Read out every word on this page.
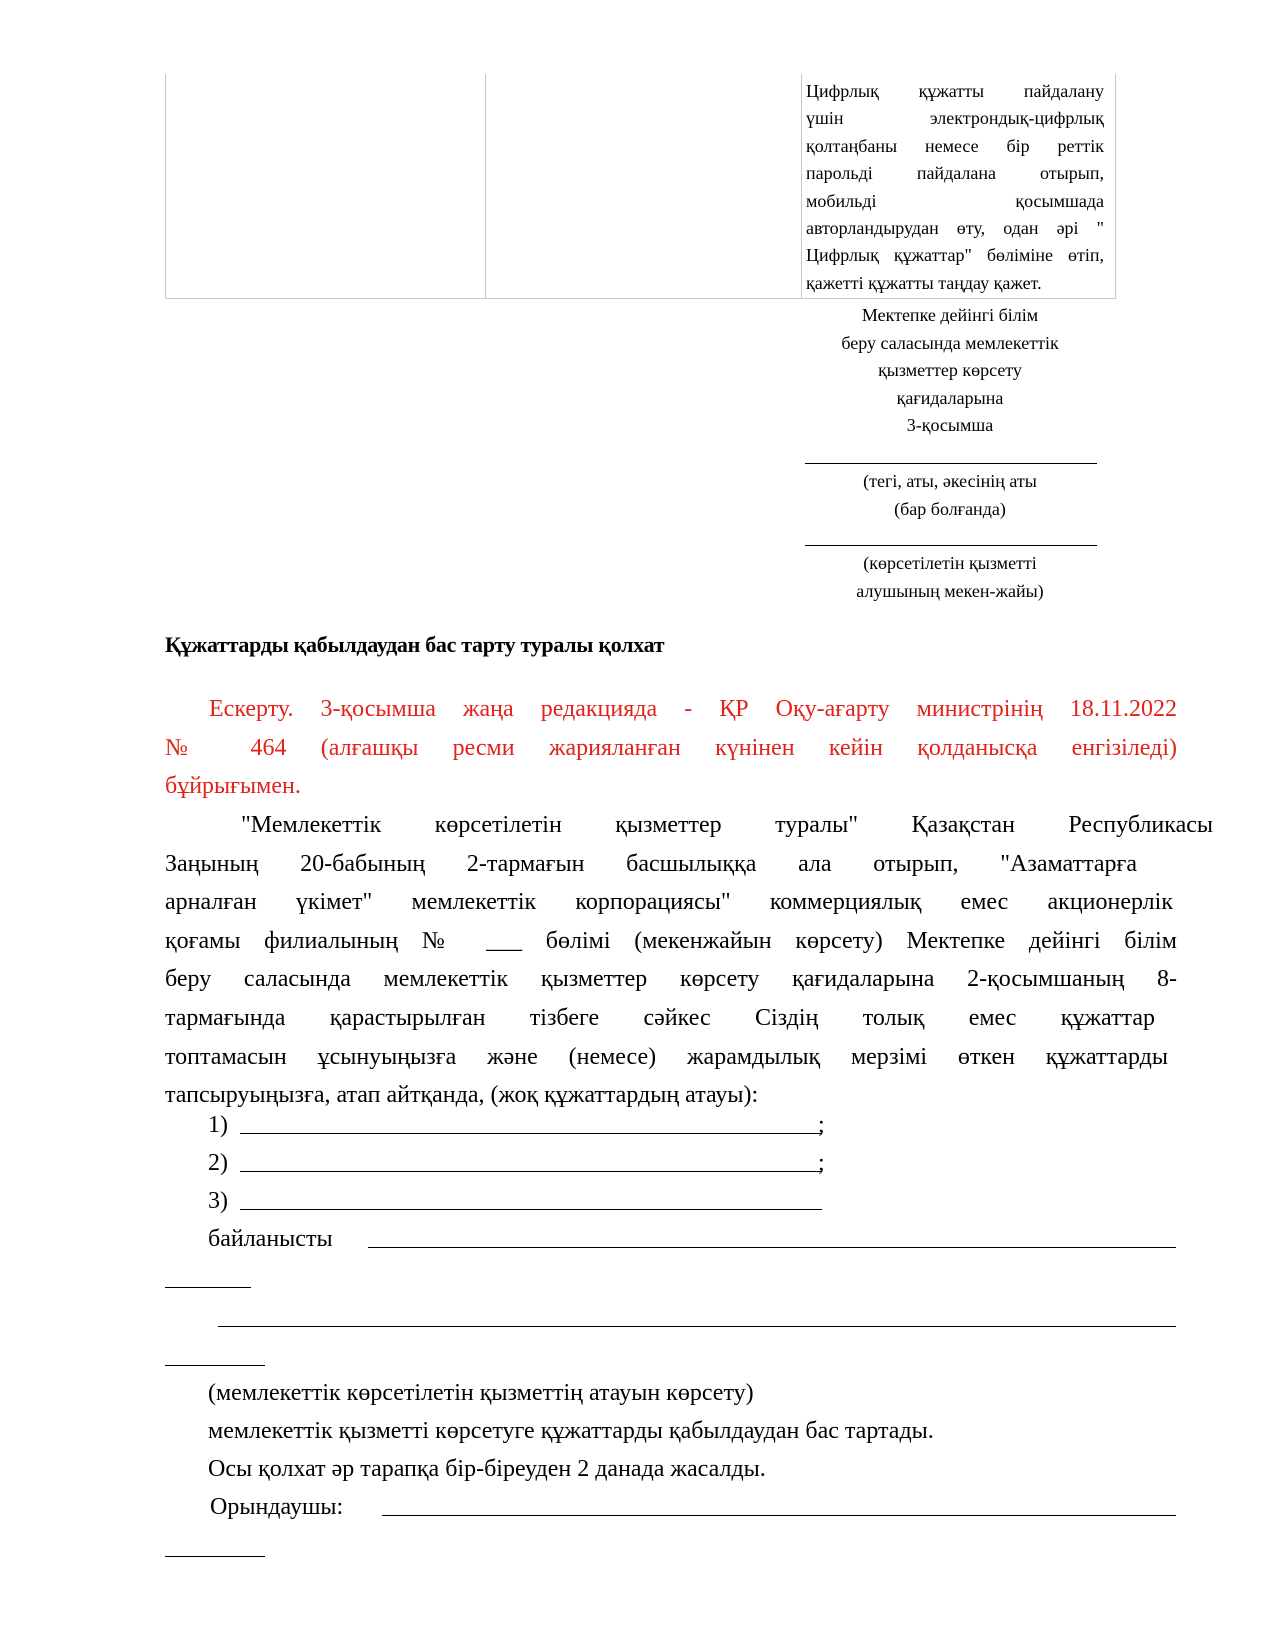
Цифрлық құжатты пайдалану
үшін электрондық-цифрлық
қолтаңбаны немесе бір реттік
парольді пайдалана отырып,
мобильді қосымшада
авторландырудан өту, одан әрі "
Цифрлық құжаттар" бөліміне өтіп,
қажетті құжатты таңдау қажет.
Мектепке дейінгі білім
беру саласында мемлекеттік
қызметтер көрсету
қағидаларына
3-қосымша
(тегі, аты, әкесінің аты
(бар болғанда)
(көрсетілетін қызметті
алушының мекен-жайы)
Құжаттарды қабылдаудан бас тарту туралы қолхат
Ескерту. 3-қосымша жаңа редакцияда - ҚР Оқу-ағарту министрінің 18.11.2022
№ 464 (алғашқы ресми жарияланған күнінен кейін қолданысқа енгізіледі)
бұйрығымен.
"Мемлекеттік көрсетілетін қызметтер туралы" Қазақстан Республикасы
Заңының 20-бабының 2-тармағын басшылыққа ала отырып, "Азаматтарға
арналған үкімет" мемлекеттік корпорациясы" коммерциялық емес акционерлік
қоғамы филиалының № ___ бөлімі (мекенжайын көрсету) Мектепке дейінгі білім
беру саласында мемлекеттік қызметтер көрсету қағидаларына 2-қосымшаның 8-
тармағында қарастырылған тізбеге сәйкес Сіздің толық емес құжаттар
топтамасын ұсынуыңызға және (немесе) жарамдылық мерзімі өткен құжаттарды
тапсыруыңызға, атап айтқанда, (жоқ құжаттардың атауы):
1)	;
2)	;
3)
байланысты
(мемлекеттік көрсетілетін қызметтің атауын көрсету)
мемлекеттік қызметті көрсетуге құжаттарды қабылдаудан бас тартады.
Осы қолхат әр тарапқа бір-біреуден 2 данада жасалды.
Орындаушы:
